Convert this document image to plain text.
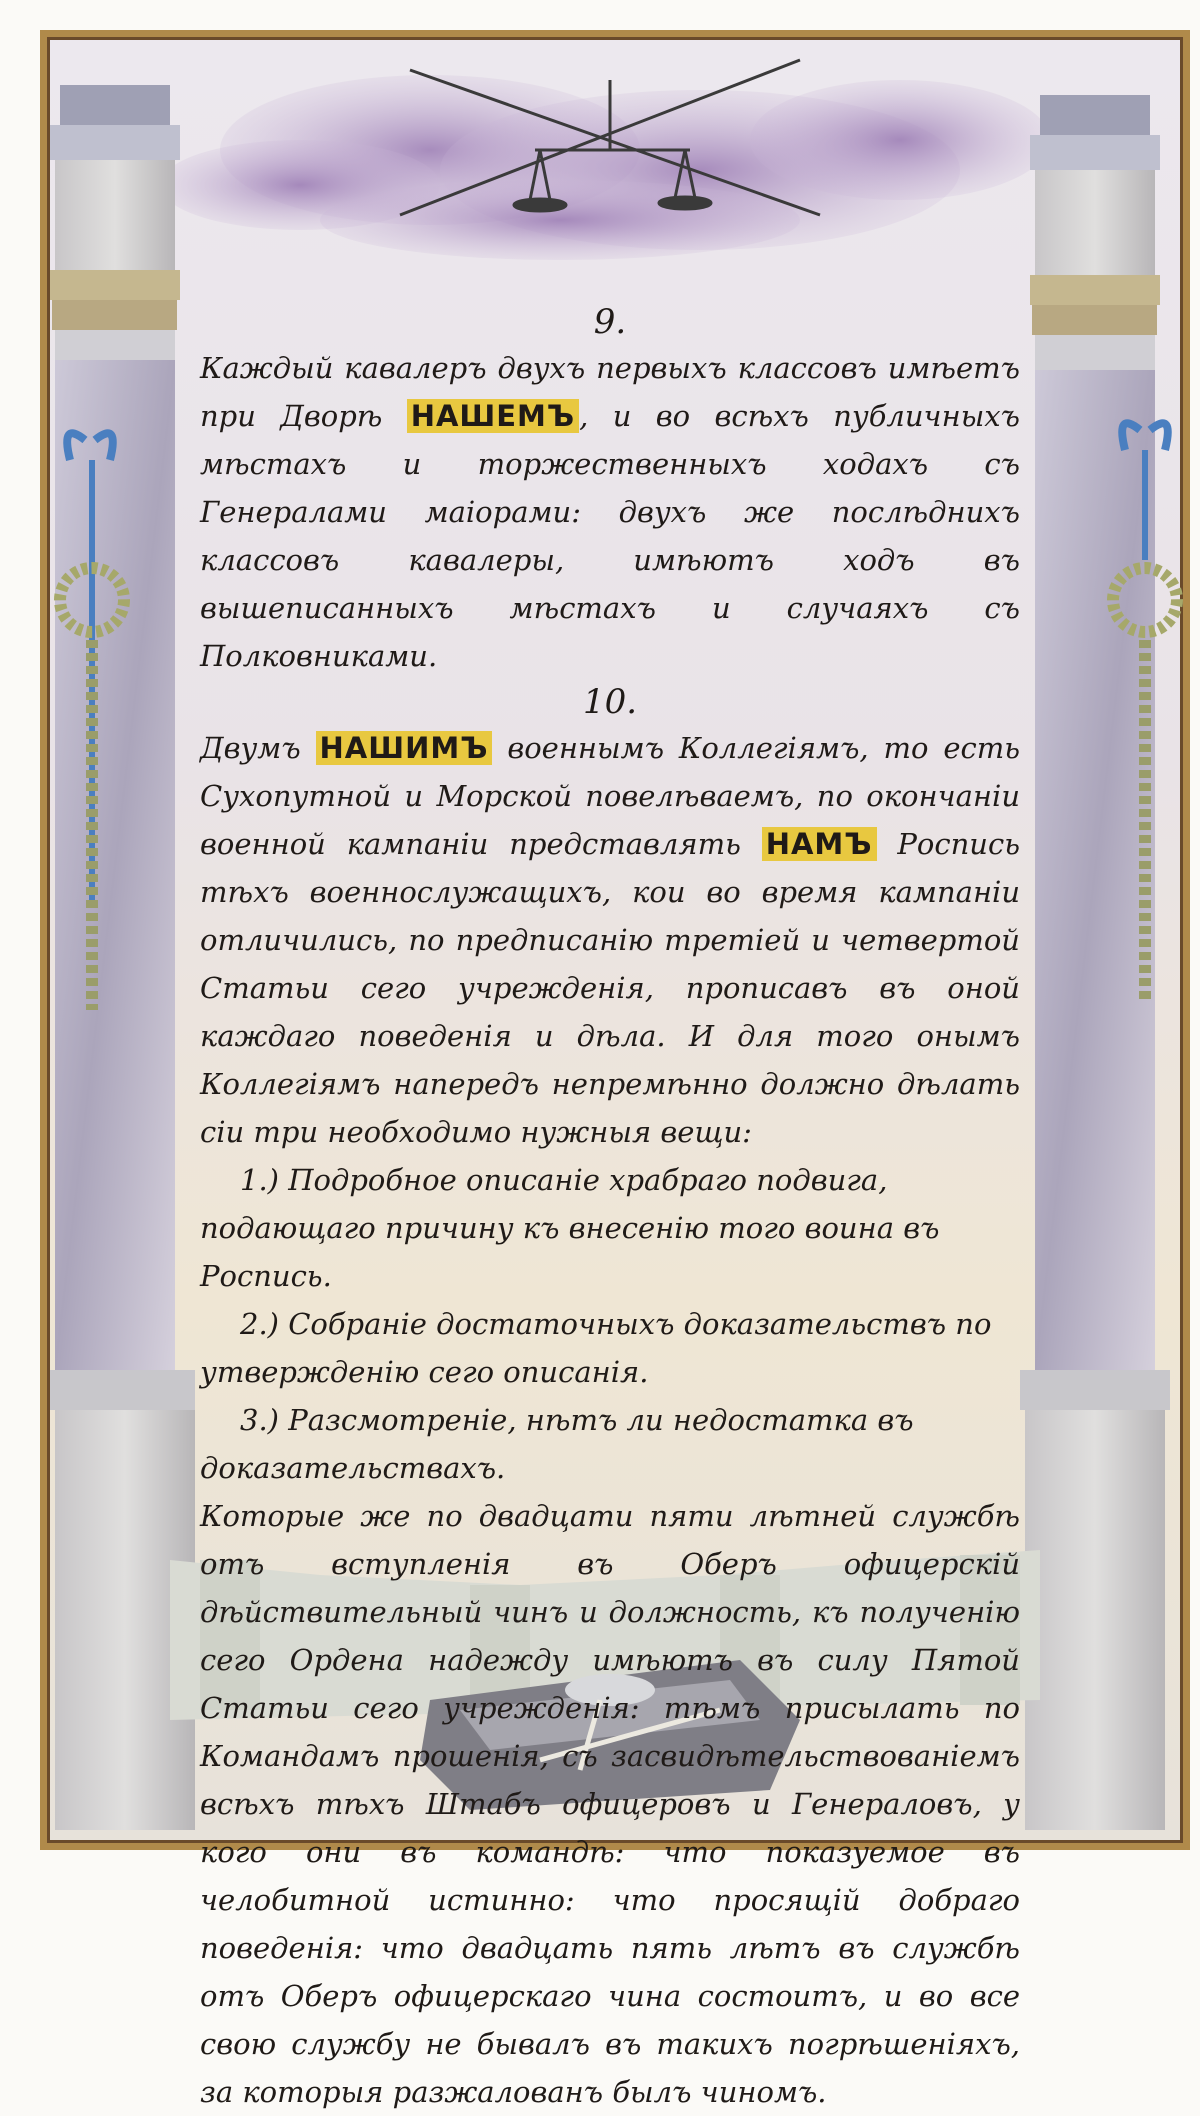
9.

Каждый кавалеръ двухъ первыхъ классовъ имѣетъ при Дворѣ НАШЕМЪ , и во всѣхъ публичныхъ мѣстахъ и торжественныхъ ходахъ съ Генералами маiорами: двухъ же послѣднихъ классовъ кавалеры, имѣютъ ходъ въ вышеписанныхъ мѣстахъ и случаяхъ съ Полковниками.

10.

Двумъ НАШИМЪ военнымъ Коллегiямъ, то есть Сухопутной и Морской повелѣваемъ, по окончанiи военной кампанiи представлять НАМЪ Роспись тѣхъ военнослужащихъ, кои во время кампанiи отличились, по предписанiю третiей и четвертой Статьи сего учрежденiя, прописавъ въ оной каждаго поведенiя и дѣла. И для того онымъ Коллегiямъ напередъ непремѣнно должно дѣлать сiи три необходимо нужныя вещи:

1.) Подробное описанiе храбраго подвига, подающаго причину къ внесенiю того воина въ Роспись.

2.) Собранiе достаточныхъ доказательствъ по утвержденiю сего описанiя.

3.) Разсмотренiе, нѣтъ ли недостатка въ доказательствахъ.

Которые же по двадцати пяти лѣтней службѣ отъ вступленiя въ Оберъ офицерскiй дѣйствительный чинъ и должность, къ полученiю сего Ордена надежду имѣютъ въ силу Пятой Статьи сего учрежденiя: тѣмъ присылать по Командамъ прошенiя, съ засвидѣтельствованiемъ всѣхъ тѣхъ Штабъ офицеровъ и Генераловъ, у кого они въ командѣ: что показуемое въ челобитной истинно: что просящiй добраго поведенiя: что двадцать пять лѣтъ въ службѣ отъ Оберъ офицерскаго чина состоитъ, и во все свою службу не бывалъ въ такихъ погрѣшенiяхъ, за которыя разжалованъ былъ чиномъ.
